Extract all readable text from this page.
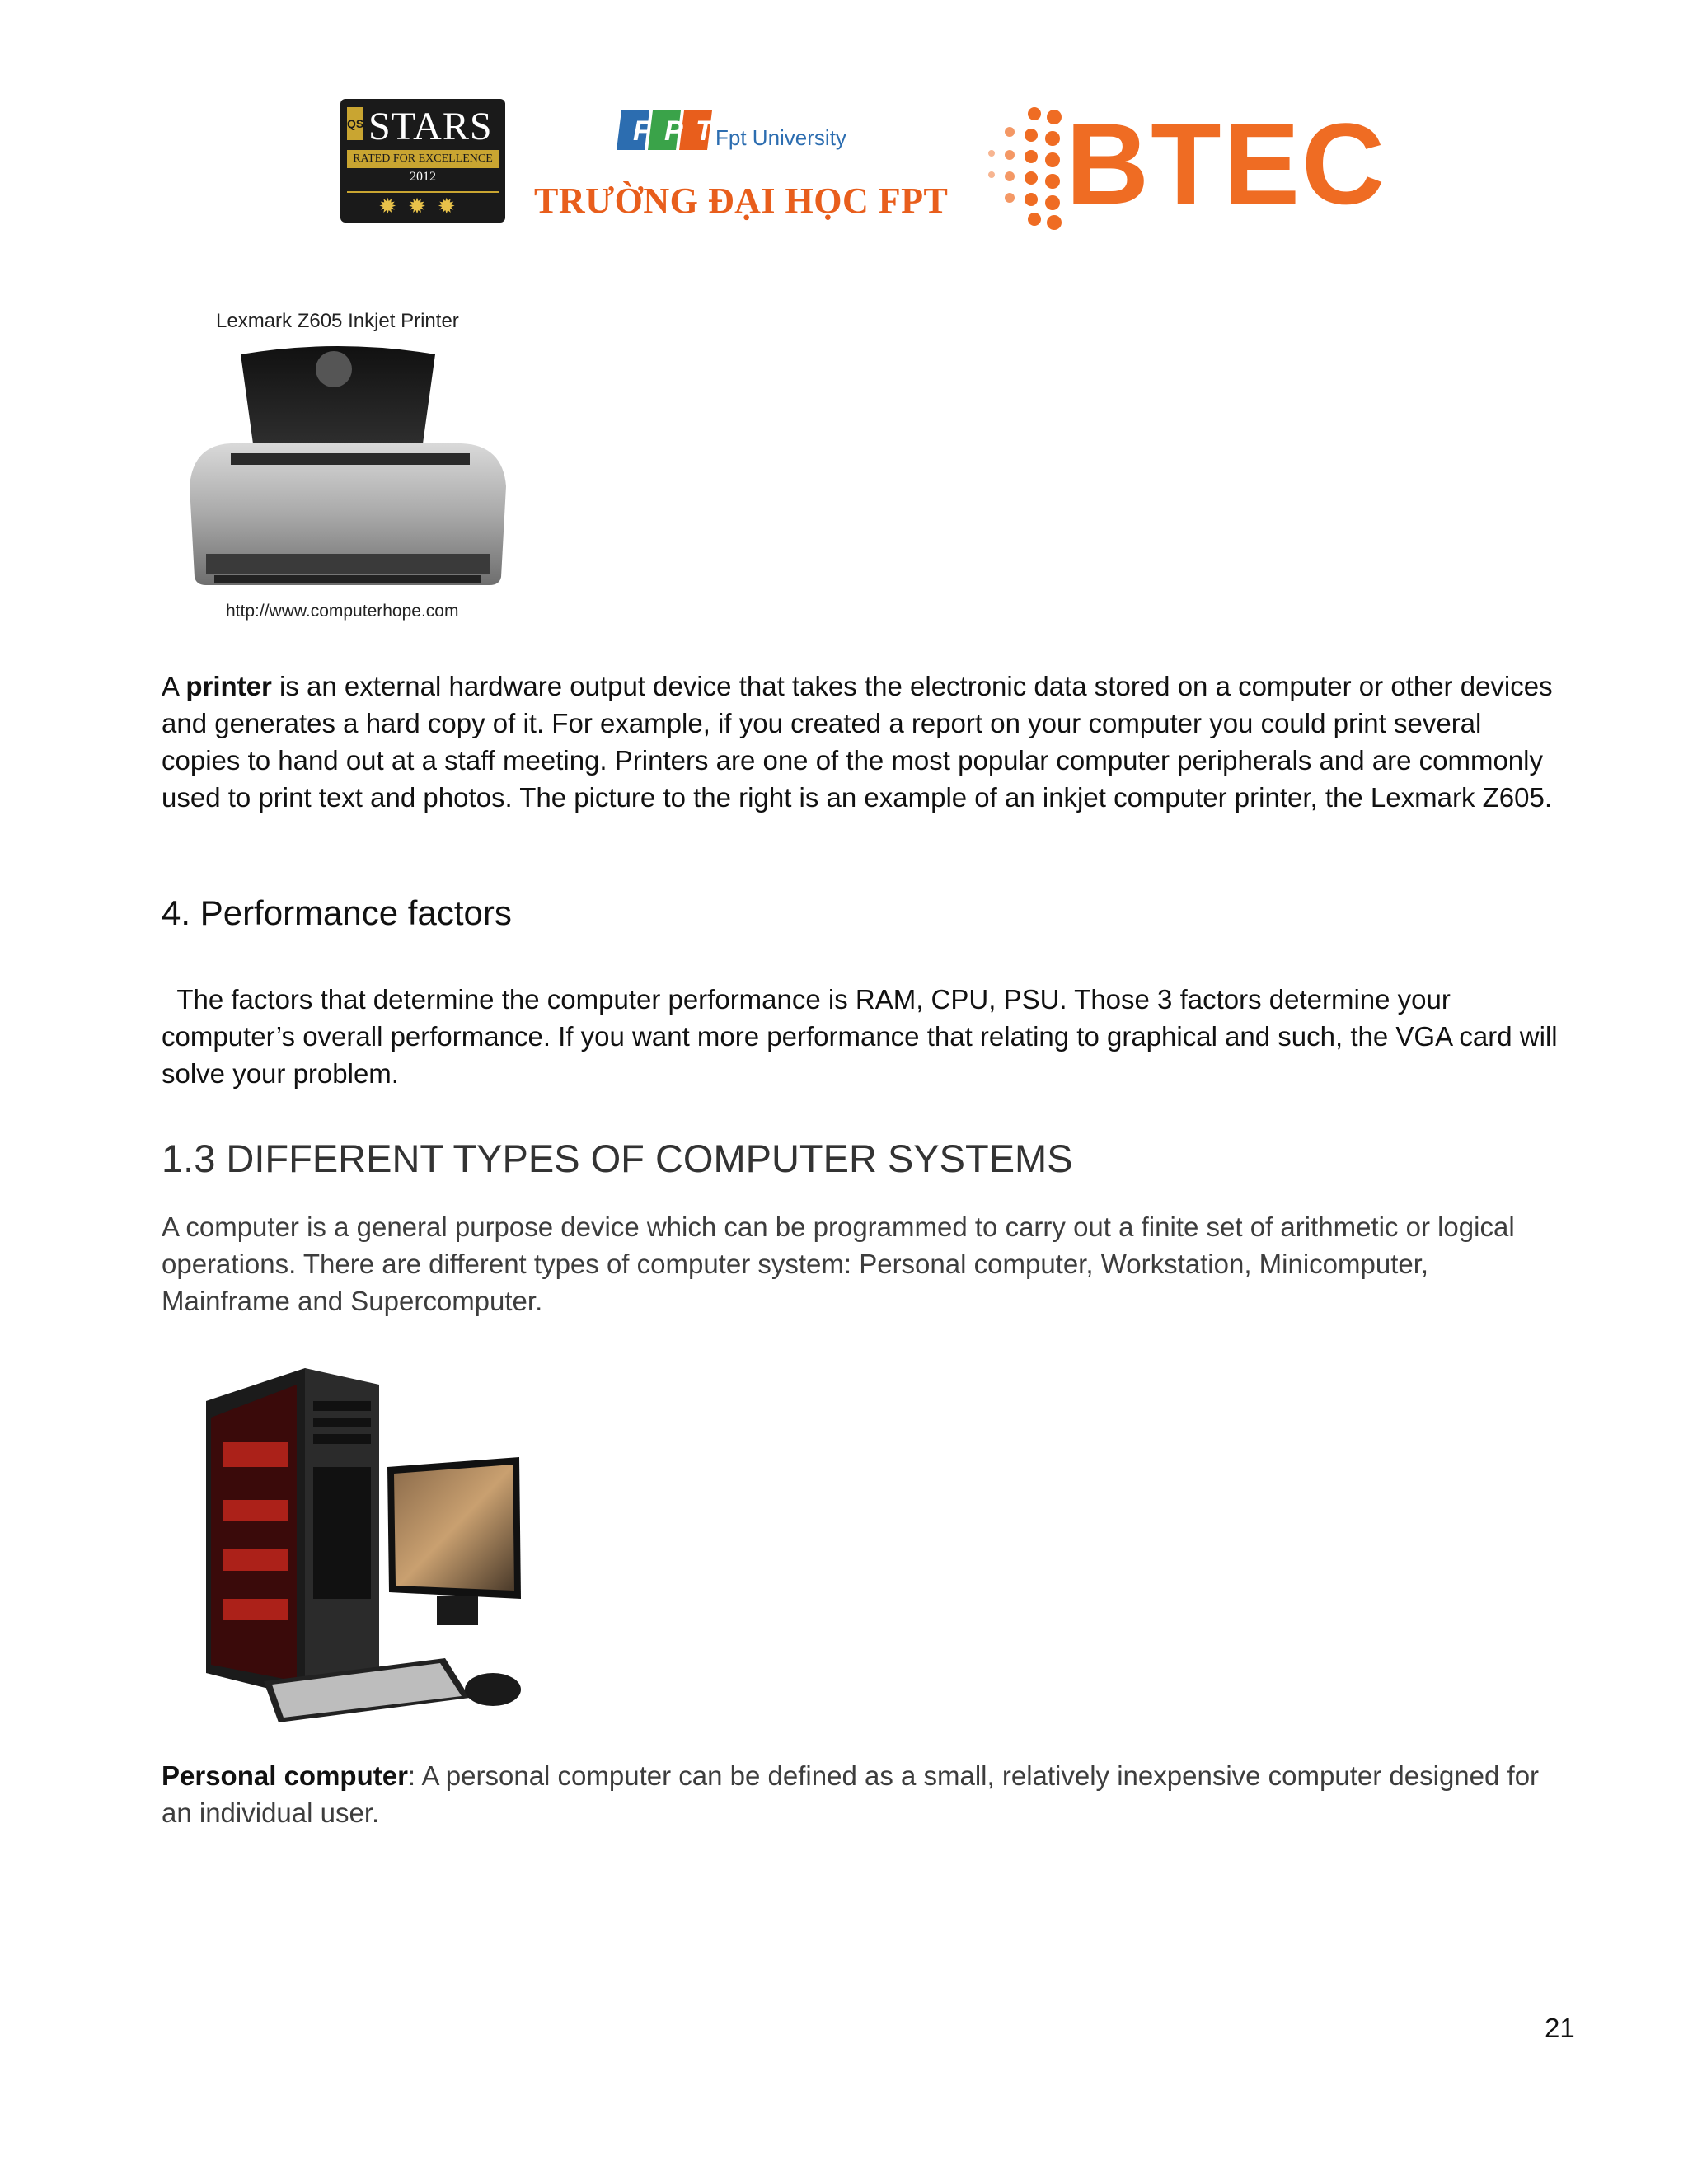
QS STARS
RATED FOR EXCELLENCE
2012
✹✹✹
F P T Fpt University
TRƯỜNG ĐẠI HỌC FPT BTEC
Lexmark Z605 Inkjet Printer
http://www.computerhope.com
A printer is an external hardware output device that takes the electronic data stored on a computer or other devices and generates a hard copy of it. For example, if you created a report on your computer you could print several copies to hand out at a staff meeting. Printers are one of the most popular computer peripherals and are commonly used to print text and photos. The picture to the right is an example of an inkjet computer printer, the Lexmark Z605.
4. Performance factors
The factors that determine the computer performance is RAM, CPU, PSU. Those 3 factors determine your computer’s overall performance. If you want more performance that relating to graphical and such, the VGA card will solve your problem.
1.3 DIFFERENT TYPES OF COMPUTER SYSTEMS
A computer is a general purpose device which can be programmed to carry out a finite set of arithmetic or logical operations. There are different types of computer system: Personal computer, Workstation, Minicomputer, Mainframe and Supercomputer.
Personal computer: A personal computer can be defined as a small, relatively inexpensive computer designed for an individual user.
21
